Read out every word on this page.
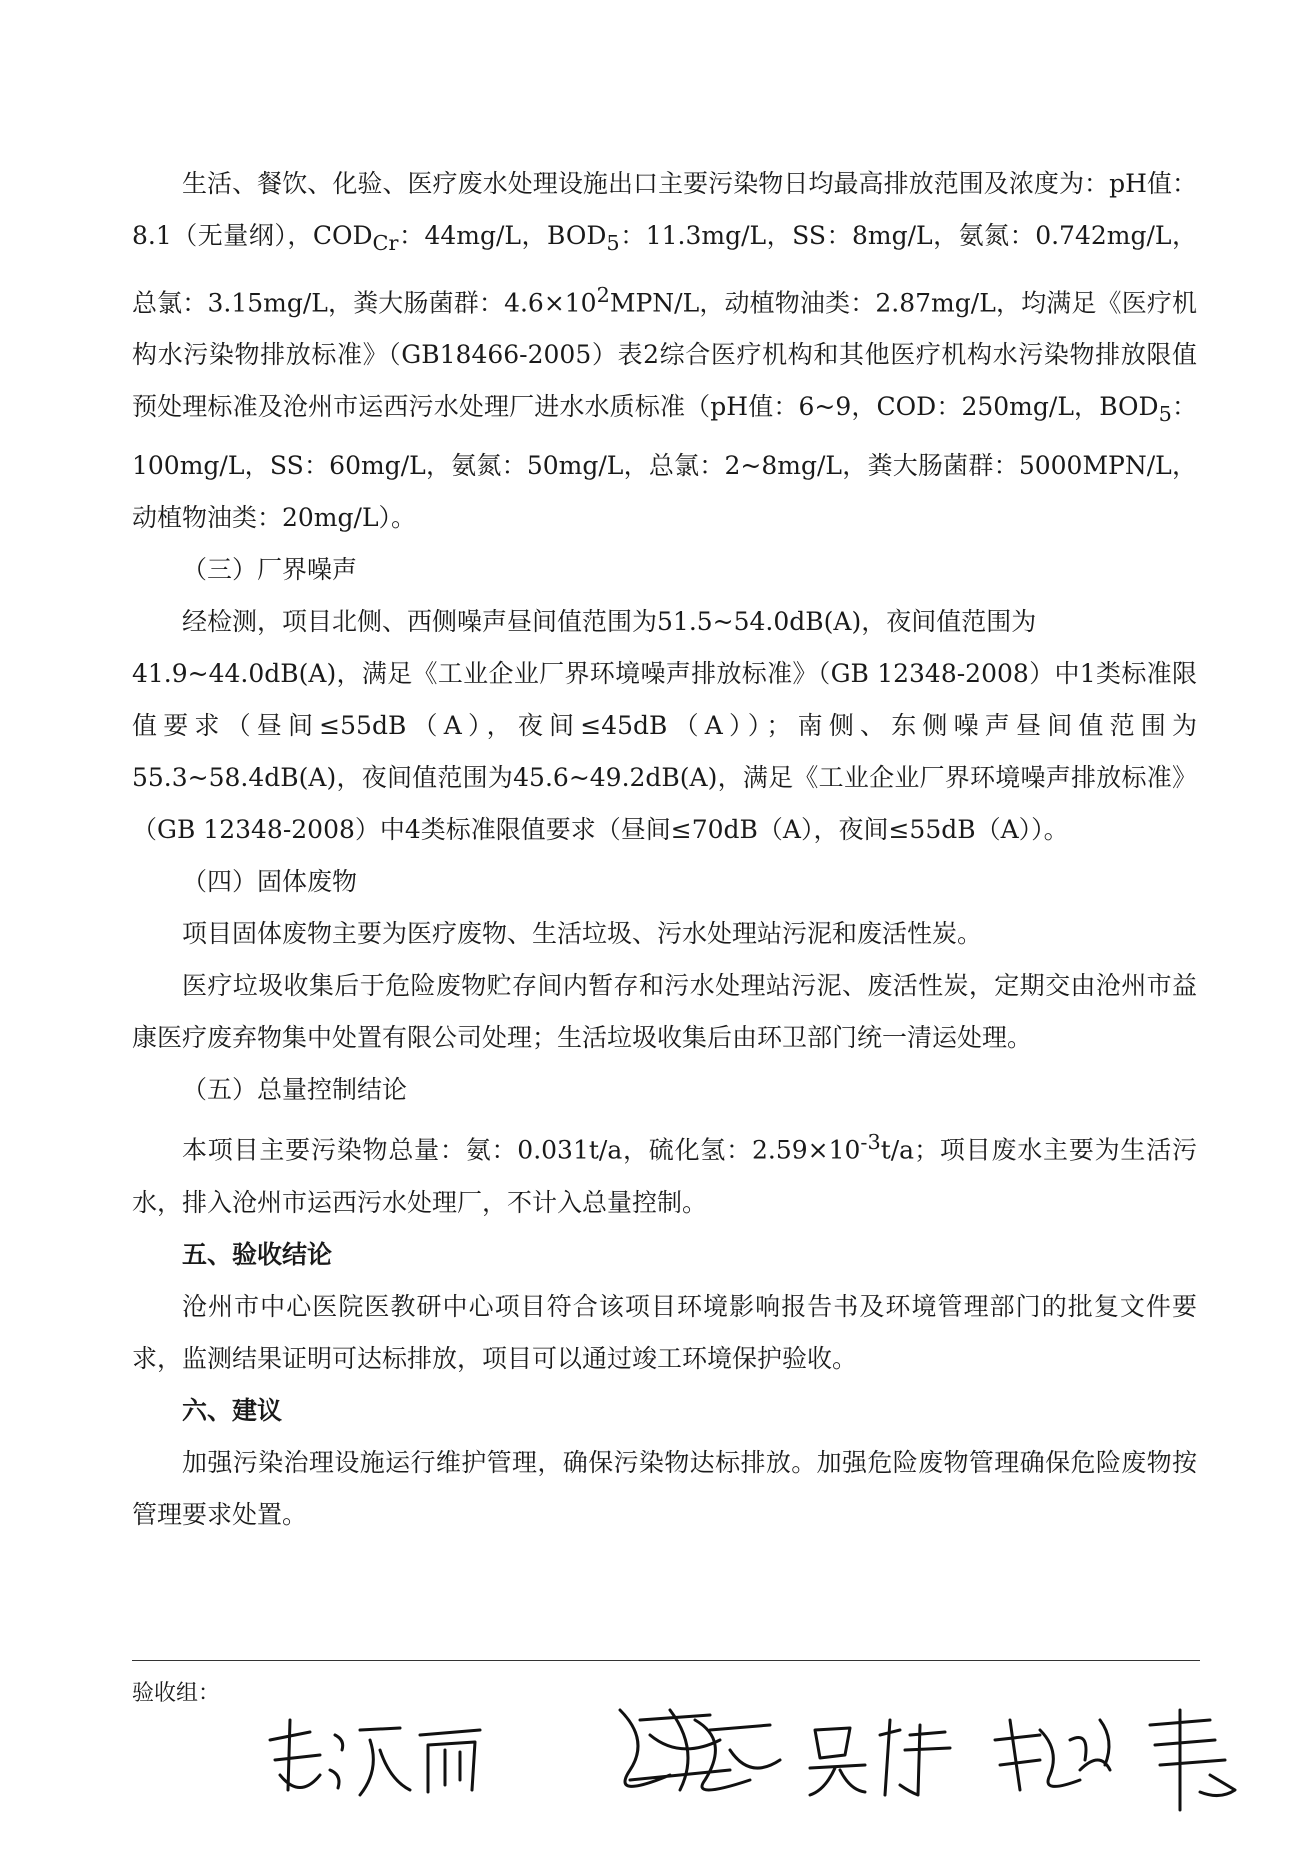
生活、餐饮、化验、医疗废水处理设施出口主要污染物日均最高排放范围及浓度为：pH值：8.1（无量纲），$COD_{Cr}$：44mg/L，$BOD_5$：11.3mg/L，SS：8mg/L，氨氮：0.742mg/L，总氯：3.15mg/L，粪大肠菌群：$4.6\times 10^2MPN/L$，动植物油类：2.87mg/L，均满足《医疗机构水污染物排放标准》（GB18466-2005）表2综合医疗机构和其他医疗机构水污染物排放限值预处理标准及沧州市运西污水处理厂进水水质标准（pH值：6~9，COD：250mg/L，$BOD_5$：100mg/L，SS：60mg/L，氨氮：50mg/L，总氯：2~8mg/L，粪大肠菌群：5000MPN/L，动植物油类：20mg/L）。

（三）厂界噪声

经检测，项目北侧、西侧噪声昼间值范围为51.5~54.0dB(A)，夜间值范围为

41.9~44.0dB(A)，满足《工业企业厂界环境噪声排放标准》（GB 12348-2008）中1类标准限值要求（昼间≤55dB（A），夜间≤45dB（A））；南侧、东侧噪声昼间值范围为55.3~58.4dB(A)，夜间值范围为45.6~49.2dB(A)，满足《工业企业厂界环境噪声排放标准》（GB 12348-2008）中4类标准限值要求（昼间≤70dB（A），夜间≤55dB（A））。

（四）固体废物

项目固体废物主要为医疗废物、生活垃圾、污水处理站污泥和废活性炭。

医疗垃圾收集后于危险废物贮存间内暂存和污水处理站污泥、废活性炭，定期交由沧州市益康医疗废弃物集中处置有限公司处理；生活垃圾收集后由环卫部门统一清运处理。

（五）总量控制结论

本项目主要污染物总量：氨：0.031t/a，硫化氢：$2.59\times 10^{-3}t/a$；项目废水主要为生活污水，排入沧州市运西污水处理厂，不计入总量控制。

五、验收结论

沧州市中心医院医教研中心项目符合该项目环境影响报告书及环境管理部门的批复文件要求，监测结果证明可达标排放，项目可以通过竣工环境保护验收。

六、建议

加强污染治理设施运行维护管理，确保污染物达标排放。加强危险废物管理确保危险废物按管理要求处置。

验收组：
